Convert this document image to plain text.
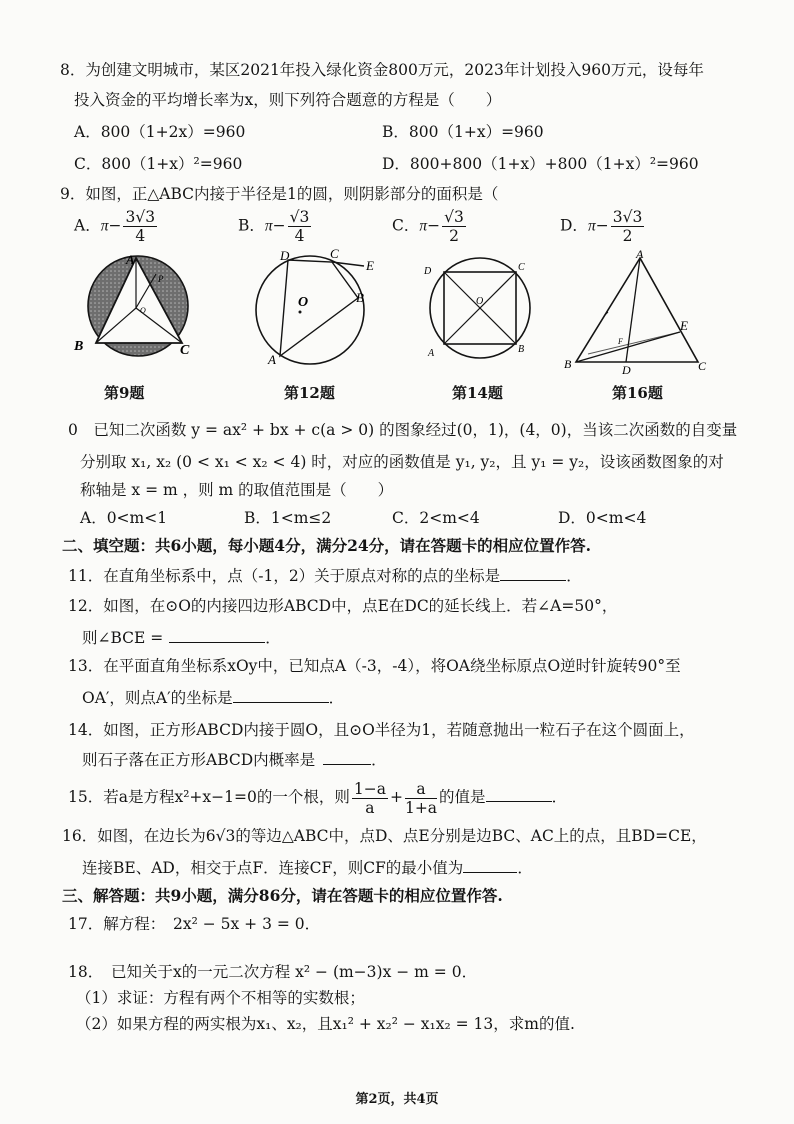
8．为创建文明城市，某区2021年投入绿化资金800万元，2023年计划投入960万元，设每年
投入资金的平均增长率为x，则下列符合题意的方程是（　　）
A．800（1+2x）=960	B．800（1+x）=960
C．800（1+x）²=960	D．800+800（1+x）+800（1+x）²=960
9．如图，正△ABC内接于半径是1的圆，则阴影部分的面积是（
A．$\pi- \frac{3√3}{4}$	B．$\pi- \frac{√3}{4}$	C．$\pi- \frac{√3}{2}$	D．$\pi- \frac{3√3}{2}$
A
P
O
B	C
第9题
D	C
E
B
A
O
第12题
D	C
O
A	B
第14题
A
E
F
B	D	C
第16题
0　已知二次函数 y = ax² + bx + c(a > 0) 的图象经过(0，1)，(4，0)，当该二次函数的自变量
分别取 x₁, x₂ (0 < x₁ < x₂ < 4) 时，对应的函数值是 y₁, y₂，且 y₁ = y₂，设该函数图象的对
称轴是 x = m ，则 m 的取值范围是（　　）
A．0<m<1	B．1<m≤2	C．2<m<4	D．0<m<4
二、填空题：共6小题，每小题4分，满分24分，请在答题卡的相应位置作答.
11．在直角坐标系中，点（-1，2）关于原点对称的点的坐标是	．
12．如图，在⊙O的内接四边形ABCD中，点E在DC的延长线上．若∠A=50°，
则∠BCE =	．
13．在平面直角坐标系xOy中，已知点A（-3，-4），将OA绕坐标原点O逆时针旋转90°至
OA′，则点A′的坐标是	．
14．如图，正方形ABCD内接于圆O，且⊙O半径为1，若随意抛出一粒石子在这个圆面上，
则石子落在正方形ABCD内概率是	．
15．若a是方程x²+x−1=0的一个根，则 $\frac{1-a}{a} + \frac{a}{1+a}$ 的值是	．
16．如图，在边长为6√3的等边△ABC中，点D、点E分别是边BC、AC上的点，且BD=CE，
连接BE、AD，相交于点F．连接CF，则CF的最小值为	．
三、解答题：共9小题，满分86分，请在答题卡的相应位置作答.
17．解方程：　2x² − 5x + 3 = 0．
18．　已知关于x的一元二次方程 x² − (m−3)x − m = 0．
（1）求证：方程有两个不相等的实数根；
（2）如果方程的两实根为x₁、x₂，且x₁² + x₂² − x₁x₂ = 13，求m的值.
第2页，共4页
